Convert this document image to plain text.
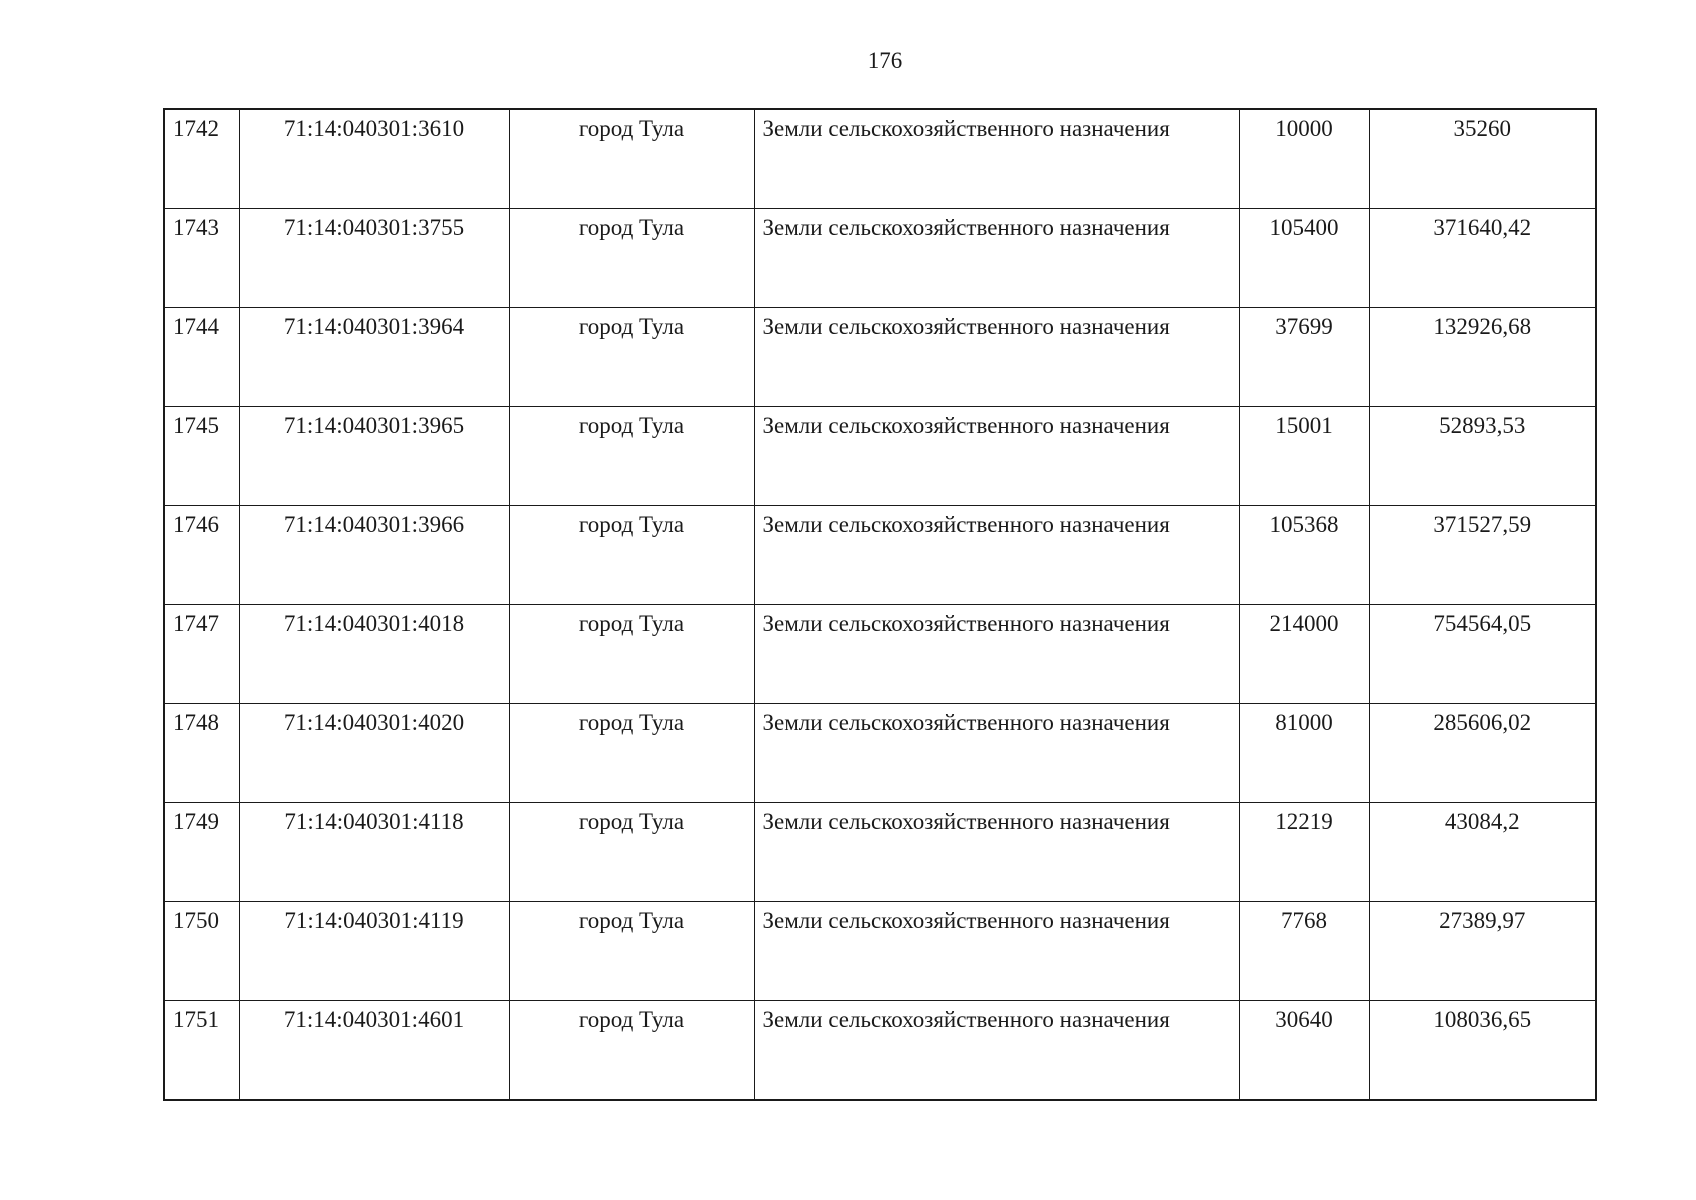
176
1742	71:14:040301:3610	город Тула	Земли сельскохозяйственного назначения	10000	35260
1743	71:14:040301:3755	город Тула	Земли сельскохозяйственного назначения	105400	371640,42
1744	71:14:040301:3964	город Тула	Земли сельскохозяйственного назначения	37699	132926,68
1745	71:14:040301:3965	город Тула	Земли сельскохозяйственного назначения	15001	52893,53
1746	71:14:040301:3966	город Тула	Земли сельскохозяйственного назначения	105368	371527,59
1747	71:14:040301:4018	город Тула	Земли сельскохозяйственного назначения	214000	754564,05
1748	71:14:040301:4020	город Тула	Земли сельскохозяйственного назначения	81000	285606,02
1749	71:14:040301:4118	город Тула	Земли сельскохозяйственного назначения	12219	43084,2
1750	71:14:040301:4119	город Тула	Земли сельскохозяйственного назначения	7768	27389,97
1751	71:14:040301:4601	город Тула	Земли сельскохозяйственного назначения	30640	108036,65
